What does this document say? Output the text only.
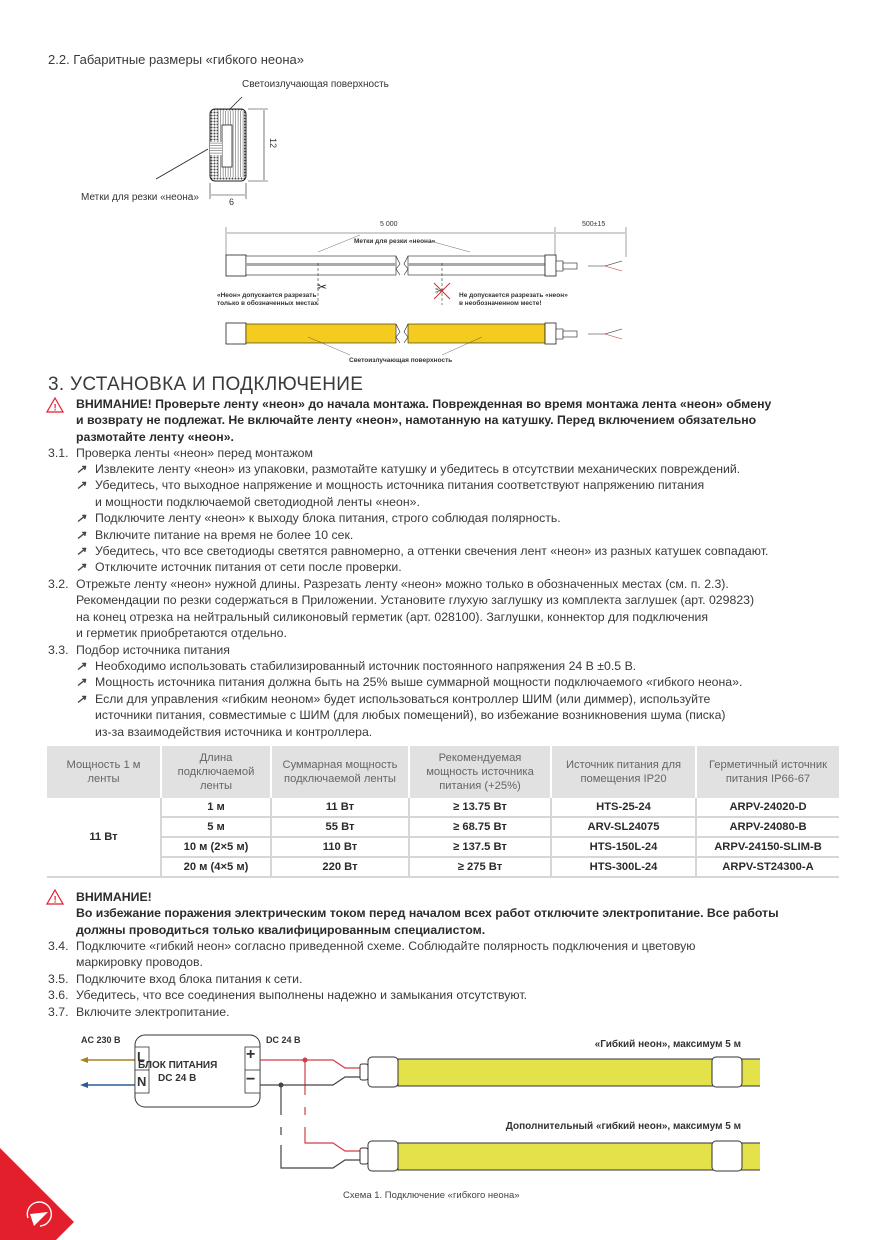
2.2. Габаритные размеры «гибкого неона»
Светоизлучающая поверхность
Метки для резки «неона»
12
6
✂	✂
5 000	500±15
Метки для резки «неона»
«Неон» допускается разрезать
только в обозначенных местах
Не допускается разрезать «неон»
в необозначенном месте!
Светоизлучающая поверхность
3. УСТАНОВКА И ПОДКЛЮЧЕНИЕ
! ВНИМАНИЕ! Проверьте ленту «неон» до начала монтажа. Поврежденная во время монтажа лента «неон» обмену
и возврату не подлежат. Не включайте ленту «неон», намотанную на катушку. Перед включением обязательно
размотайте ленту «неон».
3.1. Проверка ленты «неон» перед монтажом
↗ Извлеките ленту «неон» из упаковки, размотайте катушку и убедитесь в отсутствии механических повреждений.
↗ Убедитесь, что выходное напряжение и мощность источника питания соответствуют напряжению питания
и мощности подключаемой светодиодной ленты «неон».
↗ Подключите ленту «неон» к выходу блока питания, строго соблюдая полярность.
↗ Включите питание на время не более 10 сек.
↗ Убедитесь, что все светодиоды светятся равномерно, а оттенки свечения лент «неон» из разных катушек совпадают.
↗ Отключите источник питания от сети после проверки.
3.2. Отрежьте ленту «неон» нужной длины. Разрезать ленту «неон» можно только в обозначенных местах (см. п. 2.3).
Рекомендации по резки содержаться в Приложении. Установите глухую заглушку из комплекта заглушек (арт. 029823)
на конец отрезка на нейтральный силиконовый герметик (арт. 028100). Заглушки, коннектор для подключения
и герметик приобретаются отдельно.
3.3. Подбор источника питания
↗ Необходимо использовать стабилизированный источник постоянного напряжения 24 В ±0.5 В.
↗ Мощность источника питания должна быть на 25% выше суммарной мощности подключаемого «гибкого неона».
↗ Если для управления «гибким неоном» будет использоваться контроллер ШИМ (или диммер), используйте
источники питания, совместимые с ШИМ (для любых помещений), во избежание возникновения шума (писка)
из-за взаимодействия источника и контроллера.
Мощность 1 м ленты	Длина подключаемой ленты	Суммарная мощность подключаемой ленты	Рекомендуемая мощность источника питания (+25%)	Источник питания для помещения IP20	Герметичный источник питания IP66-67
11 Вт	1 м	11 Вт	≥ 13.75 Вт	HTS-25-24	ARPV-24020-D
	5 м	55 Вт	≥ 68.75 Вт	ARV-SL24075	ARPV-24080-B
	10 м (2×5 м)	110 Вт	≥ 137.5 Вт	HTS-150L-24	ARPV-24150-SLIM-B
	20 м (4×5 м)	220 Вт	≥ 275 Вт	HTS-300L-24	ARPV-ST24300-A
! ВНИМАНИЕ!
Во избежание поражения электрическим током перед началом всех работ отключите электропитание. Все работы
должны проводиться только квалифицированным специалистом.
3.4. Подключите «гибкий неон» согласно приведенной схеме. Соблюдайте полярность подключения и цветовую
маркировку проводов.
3.5. Подключите вход блока питания к сети.
3.6. Убедитесь, что все соединения выполнены надежно и замыкания отсутствуют.
3.7. Включите электропитание.
AC 230 В	DC 24 В
БЛОК ПИТАНИЯ
DC 24 В
L
N
+
−
«Гибкий неон», максимум 5 м
Дополнительный «гибкий неон», максимум 5 м
Схема 1. Подключение «гибкого неона»
